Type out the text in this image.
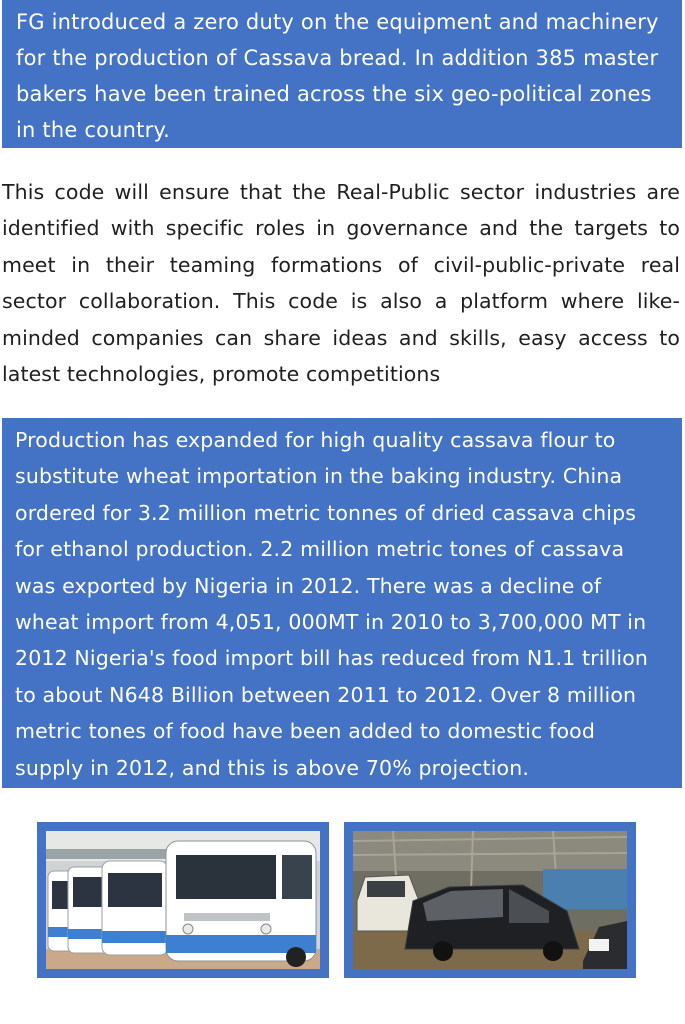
FG introduced a zero duty on the equipment and machinery for the production of Cassava bread. In addition 385 master bakers have been trained across the six geo-political zones in the country.

This code will ensure that the Real-Public sector industries are identified with specific roles in governance and the targets to meet in their teaming formations of civil-public-private real sector collaboration. This code is also a platform where like-minded companies can share ideas and skills, easy access to latest technologies, promote competitions

Production has expanded for high quality cassava flour to substitute wheat importation in the baking industry. China ordered for 3.2 million metric tonnes of dried cassava chips for ethanol production. 2.2 million metric tones of cassava was exported by Nigeria in 2012. There was a decline of wheat import from 4,051, 000MT in 2010 to 3,700,000 MT in 2012 Nigeria's food import bill has reduced from N1.1 trillion to about N648 Billion between 2011 to 2012. Over 8 million metric tones of food have been added to domestic food supply in 2012, and this is above 70% projection.
